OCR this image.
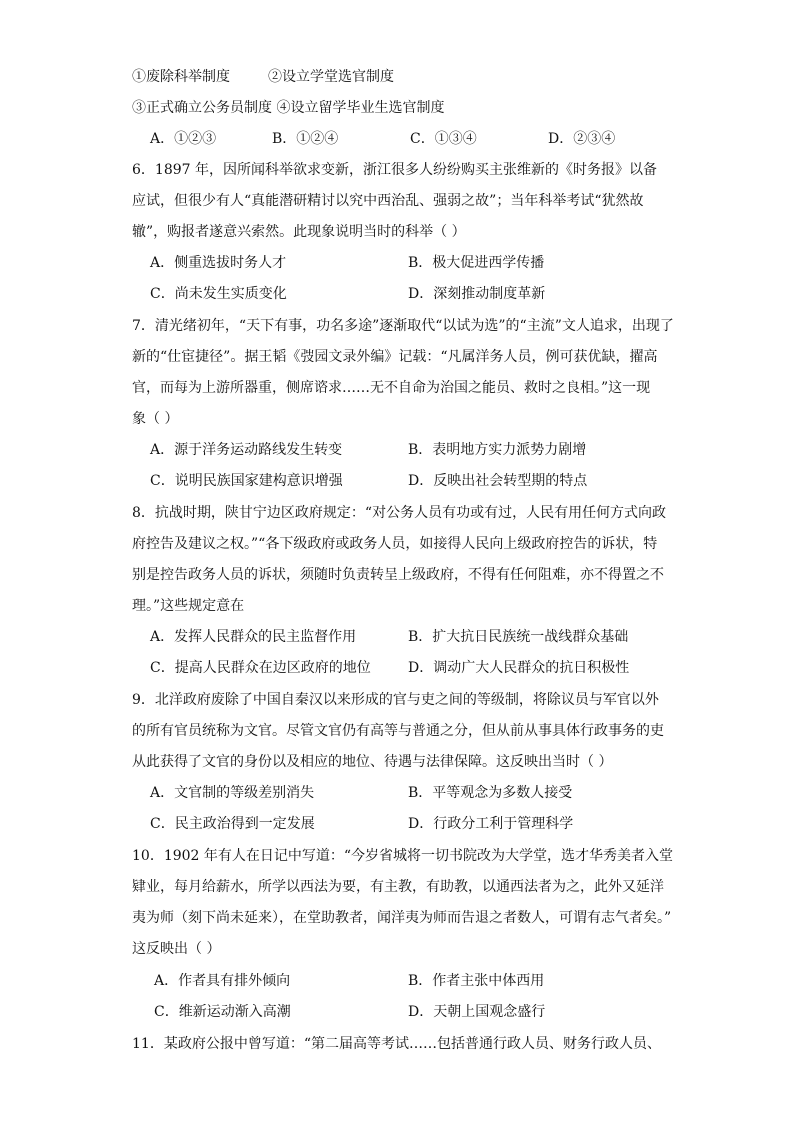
①废除科举制度	②设立学堂选官制度
③正式确立公务员制度 ④设立留学毕业生选官制度
A．①②③	B．①②④	C．①③④	D．②③④
6．1897 年，因所闻科举欲求变新，浙江很多人纷纷购买主张维新的《时务报》以备
应试，但很少有人“真能潜研精讨以究中西治乱、强弱之故”；当年科举考试“犹然故
辙”，购报者遂意兴索然。此现象说明当时的科举（ ）
A．侧重选拔时务人才	B．极大促进西学传播
C．尚未发生实质变化	D．深刻推动制度革新
7．清光绪初年，“天下有事，功名多途”逐渐取代“以试为选”的“主流”文人追求，出现了
新的“仕宦捷径”。据王韬《弢园文录外编》记载：“凡属洋务人员，例可获优缺，擢高
官，而每为上游所器重，侧席谘求……无不自命为治国之能员、救时之良相。”这一现
象（ ）
A．源于洋务运动路线发生转变	B．表明地方实力派势力剧增
C．说明民族国家建构意识增强	D．反映出社会转型期的特点
8．抗战时期，陕甘宁边区政府规定：“对公务人员有功或有过，人民有用任何方式向政
府控告及建议之权。”“各下级政府或政务人员，如接得人民向上级政府控告的诉状，特
别是控告政务人员的诉状，须随时负责转呈上级政府，不得有任何阻难，亦不得置之不
理。”这些规定意在
A．发挥人民群众的民主监督作用	B．扩大抗日民族统一战线群众基础
C．提高人民群众在边区政府的地位	D．调动广大人民群众的抗日积极性
9．北洋政府废除了中国自秦汉以来形成的官与吏之间的等级制，将除议员与军官以外
的所有官员统称为文官。尽管文官仍有高等与普通之分，但从前从事具体行政事务的吏
从此获得了文官的身份以及相应的地位、待遇与法律保障。这反映出当时（ ）
A．文官制的等级差别消失	B．平等观念为多数人接受
C．民主政治得到一定发展	D．行政分工利于管理科学
10．1902 年有人在日记中写道：“今岁省城将一切书院改为大学堂，选才华秀美者入堂
肄业，每月给薪水，所学以西法为要，有主教，有助教，以通西法者为之，此外又延洋
夷为师（刻下尚未延来），在堂助教者，闻洋夷为师而告退之者数人，可谓有志气者矣。”
这反映出（ ）
A．作者具有排外倾向	B．作者主张中体西用
C．维新运动渐入高潮	D．天朝上国观念盛行
11．某政府公报中曾写道：“第二届高等考试……包括普通行政人员、财务行政人员、
